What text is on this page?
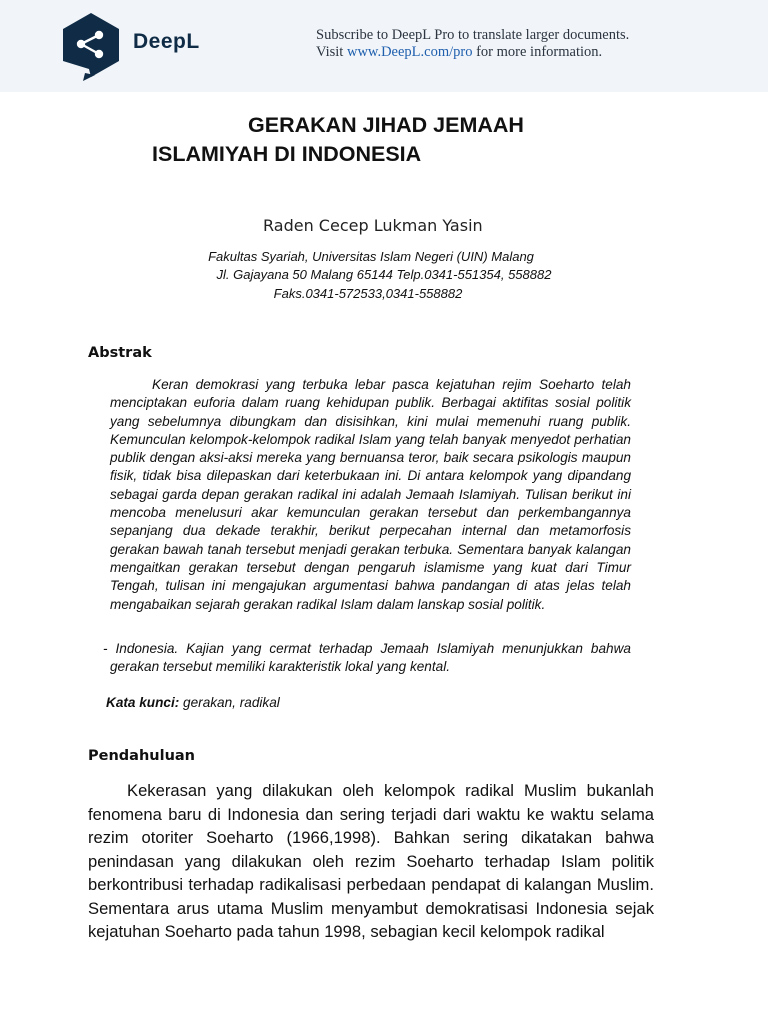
DeepL	Subscribe to DeepL Pro to translate larger documents.
Visit www.DeepL.com/pro for more information.
GERAKAN JIHAD JEMAAH
ISLAMIYAH DI INDONESIA
Raden Cecep Lukman Yasin
Fakultas Syariah, Universitas Islam Negeri (UIN) Malang
Jl. Gajayana 50 Malang 65144 Telp.0341-551354, 558882
Faks.0341-572533,0341-558882
Abstrak

Keran demokrasi yang terbuka lebar pasca kejatuhan rejim Soeharto telah menciptakan euforia dalam ruang kehidupan publik. Berbagai aktifitas sosial politik yang sebelumnya dibungkam dan disisihkan, kini mulai memenuhi ruang publik. Kemunculan kelompok-kelompok radikal Islam yang telah banyak menyedot perhatian publik dengan aksi-aksi mereka yang bernuansa teror, baik secara psikologis maupun fisik, tidak bisa dilepaskan dari keterbukaan ini. Di antara kelompok yang dipandang sebagai garda depan gerakan radikal ini adalah Jemaah Islamiyah. Tulisan berikut ini mencoba menelusuri akar kemunculan gerakan tersebut dan perkembangannya sepanjang dua dekade terakhir, berikut perpecahan internal dan metamorfosis gerakan bawah tanah tersebut menjadi gerakan terbuka. Sementara banyak kalangan mengaitkan gerakan tersebut dengan pengaruh islamisme yang kuat dari Timur Tengah, tulisan ini mengajukan argumentasi bahwa pandangan di atas jelas telah mengabaikan sejarah gerakan radikal Islam dalam lanskap sosial politik.

- Indonesia. Kajian yang cermat terhadap Jemaah Islamiyah menunjukkan bahwa
gerakan tersebut memiliki karakteristik lokal yang kental.
Kata kunci: gerakan, radikal
Pendahuluan

Kekerasan yang dilakukan oleh kelompok radikal Muslim bukanlah fenomena baru di Indonesia dan sering terjadi dari waktu ke waktu selama rezim otoriter Soeharto (1966,1998). Bahkan sering dikatakan bahwa penindasan yang dilakukan oleh rezim Soeharto terhadap Islam politik berkontribusi terhadap radikalisasi perbedaan pendapat di kalangan Muslim. Sementara arus utama Muslim menyambut demokratisasi Indonesia sejak kejatuhan Soeharto pada tahun 1998, sebagian kecil kelompok radikal
